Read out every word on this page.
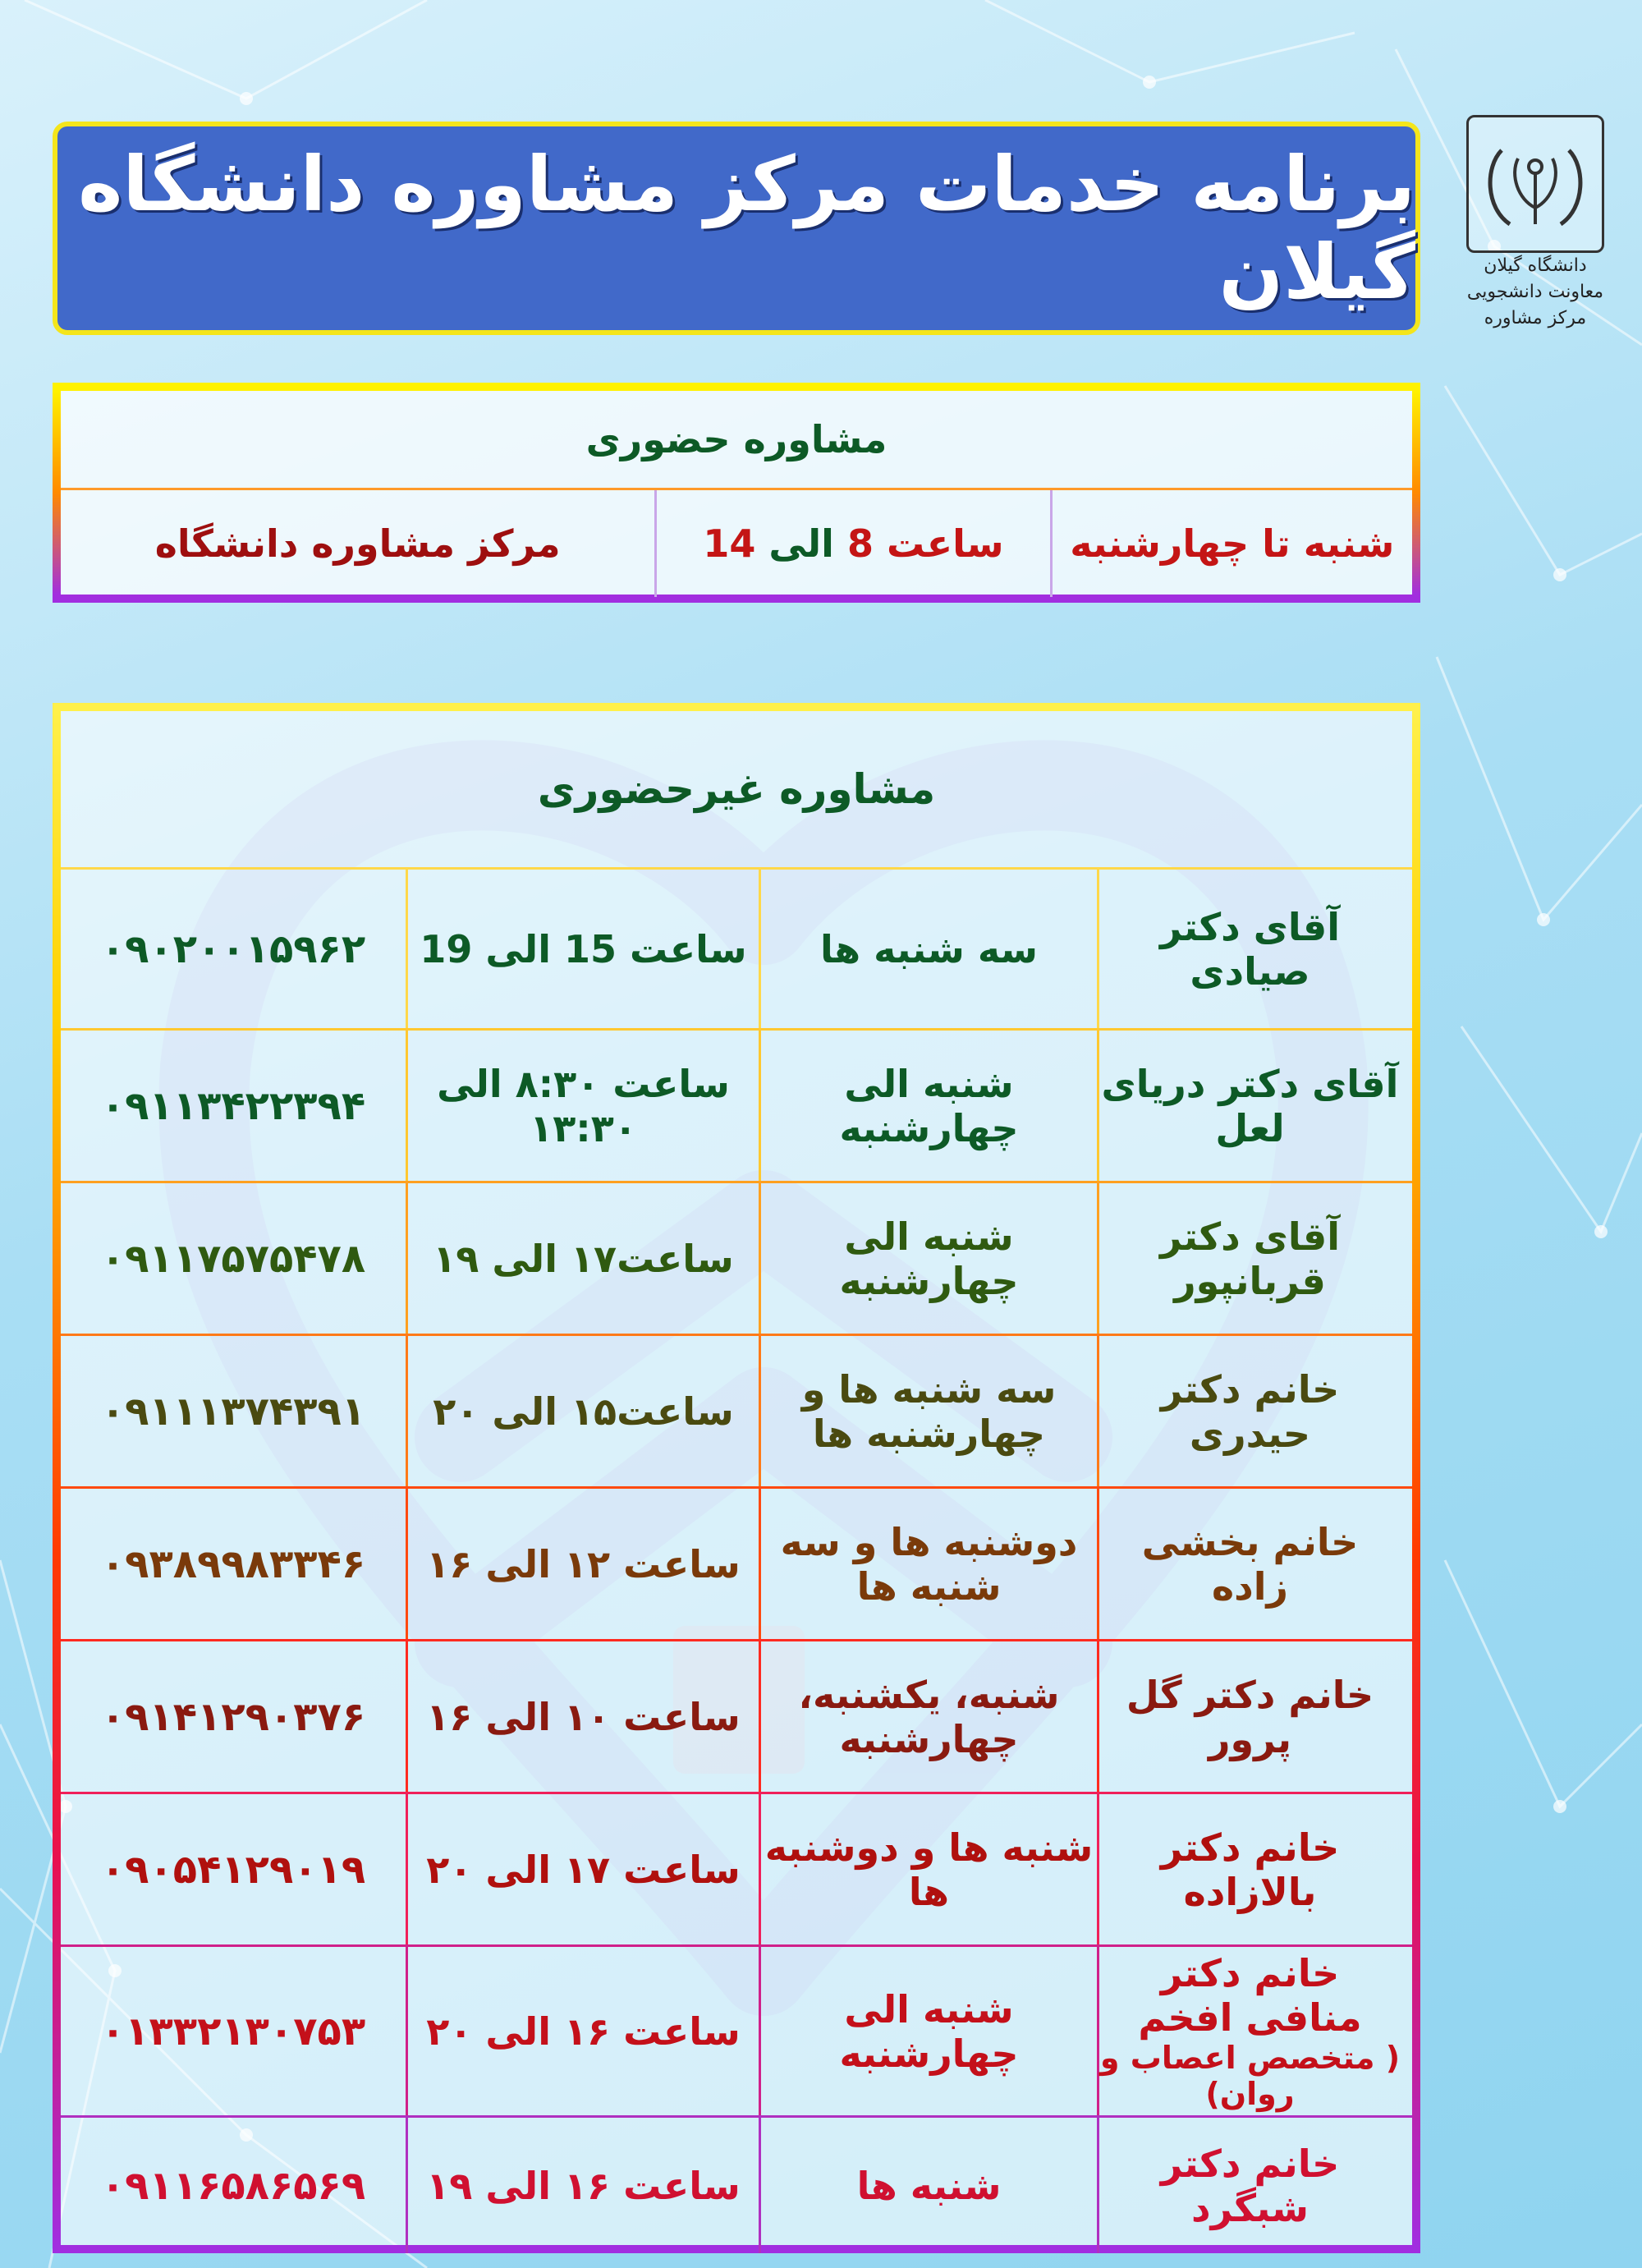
برنامه خدمات مرکز مشاوره دانشگاه گیلان	دانشگاه گیلان
معاونت دانشجویی
مرکز مشاوره
مشاوره حضوری
شنبه تا چهارشنبه
ساعت

8

الی

14
مرکز مشاوره دانشگاه
مشاوره غیرحضوری
آقای دکتر صیادی
سه شنبه ها
ساعت 15 الی 19
۰۹۰۲۰۰۱۵۹۶۲
آقای دکتر دریای لعل
شنبه الی چهارشنبه
ساعت ۸:۳۰ الی ۱۳:۳۰
۰۹۱۱۳۴۲۲۳۹۴
آقای دکتر قربانپور
شنبه الی چهارشنبه
ساعت۱۷ الی ۱۹
۰۹۱۱۷۵۷۵۴۷۸
خانم دکتر حیدری
سه شنبه ها و چهارشنبه ها
ساعت۱۵ الی ۲۰
۰۹۱۱۱۳۷۴۳۹۱
خانم بخشی زاده
دوشنبه ها و سه شنبه ها
ساعت ۱۲ الی ۱۶
۰۹۳۸۹۹۸۳۳۴۶
خانم دکتر گل پرور
شنبه، یکشنبه، چهارشنبه
ساعت ۱۰ الی ۱۶
۰۹۱۴۱۲۹۰۳۷۶
خانم دکتر بالازاده
شنبه ها و دوشنبه ها
ساعت ۱۷ الی ۲۰
۰۹۰۵۴۱۲۹۰۱۹
خانم دکتر منافی افخم
( متخصص اعصاب و روان)
شنبه الی چهارشنبه
ساعت ۱۶ الی ۲۰
۰۱۳۳۲۱۳۰۷۵۳
خانم دکتر شبگرد
شنبه ها
ساعت ۱۶ الی ۱۹
۰۹۱۱۶۵۸۶۵۶۹
